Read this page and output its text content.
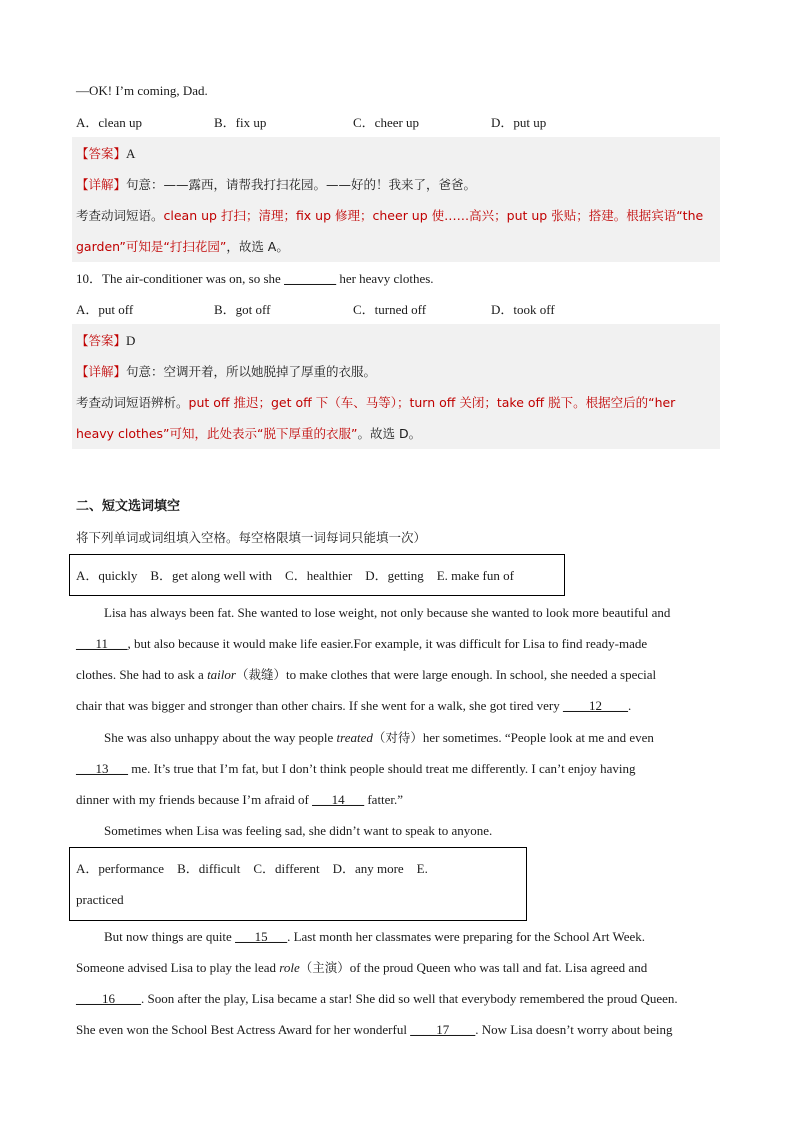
—OK! I’m coming, Dad.
A．clean up	B．fix up	C．cheer up	D．put up
【答案】A
【详解】句意：——露西，请帮我打扫花园。——好的！我来了，爸爸。
考查动词短语。clean up 打扫；清理；fix up 修理；cheer up 使……高兴；put up 张贴；搭建。根据宾语“the
garden”可知是“打扫花园”，故选 A。
10．The air-conditioner was on, so she ________ her heavy clothes.
A．put off	B．got off	C．turned off	D．took off
【答案】D
【详解】句意：空调开着，所以她脱掉了厚重的衣服。
考查动词短语辨析。put off 推迟；get off 下（车、马等）；turn off 关闭；take off 脱下。根据空后的“her
heavy clothes”可知，此处表示“脱下厚重的衣服”。故选 D。
二、短文选词填空
将下列单词或词组填入空格。每空格限填一词每词只能填一次）
A．quickly    B．get along well with    C．healthier    D．getting    E. make fun of
Lisa has always been fat. She wanted to lose weight, not only because she wanted to look more beautiful and
___11___, but also because it would make life easier.For example, it was difficult for Lisa to find ready-made
clothes. She had to ask a tailor（裁缝）to make clothes that were large enough. In school, she needed a special
chair that was bigger and stronger than other chairs. If she went for a walk, she got tired very ____12____.
She was also unhappy about the way people treated（对待）her sometimes. “People look at me and even
___13___ me. It’s true that I’m fat, but I don’t think people should treat me differently. I can’t enjoy having
dinner with my friends because I’m afraid of ___14___ fatter.”
Sometimes when Lisa was feeling sad, she didn’t want to speak to anyone.
A．performance    B．difficult    C．different    D．any more    E.
practiced
But now things are quite ___15___. Last month her classmates were preparing for the School Art Week.
Someone advised Lisa to play the lead role（主演）of the proud Queen who was tall and fat. Lisa agreed and
____16____. Soon after the play, Lisa became a star! She did so well that everybody remembered the proud Queen.
She even won the School Best Actress Award for her wonderful ____17____. Now Lisa doesn’t worry about being
